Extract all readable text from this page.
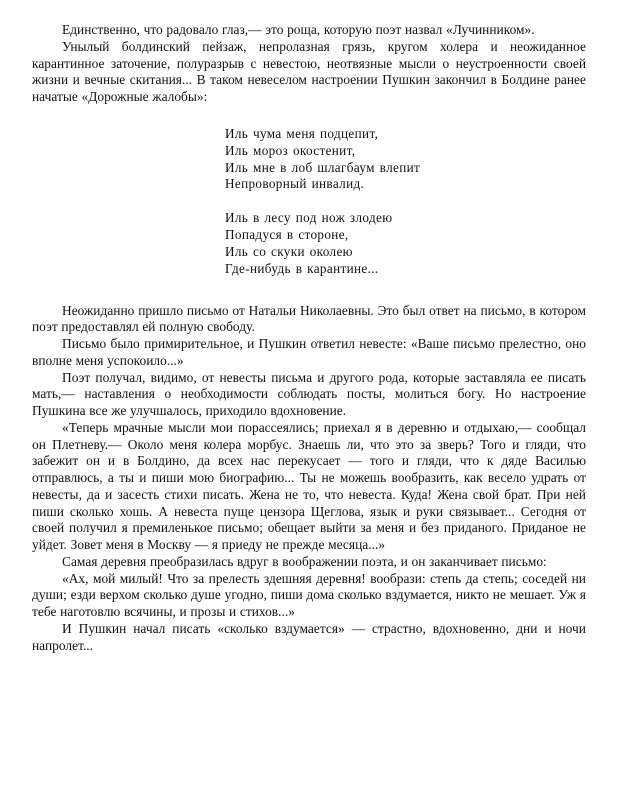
Единственно, что радовало глаз,— это роща, которую поэт назвал «Лучинником».

Унылый болдинский пейзаж, непролазная грязь, кругом холера и неожиданное карантинное заточение, полуразрыв с невестою, неотвязные мысли о неустроенности своей жизни и вечные скитания... В таком невеселом настроении Пушкин закончил в Болдине ранее начатые «Дорожные жалобы»:

Иль чума меня подцепит,
Иль мороз окостенит,
Иль мне в лоб шлагбаум влепит
Непроворный инвалид.
Иль в лесу под нож злодею
Попадуся в стороне,
Иль со скуки околею
Где-нибудь в карантине...

Неожиданно пришло письмо от Натальи Николаевны. Это был ответ на письмо, в котором поэт предоставлял ей полную свободу.

Письмо было примирительное, и Пушкин ответил невесте: «Ваше письмо прелестно, оно вполне меня успокоило...»

Поэт получал, видимо, от невесты письма и другого рода, которые заставляла ее писать мать,— наставления о необходимости соблюдать посты, молиться богу. Но настроение Пушкина все же улучшалось, приходило вдохновение.

«Теперь мрачные мысли мои порассеялись; приехал я в деревню и отдыхаю,— сообщал он Плетневу.— Около меня колера морбус. Знаешь ли, что это за зверь? Того и гляди, что забежит он и в Болдино, да всех нас перекусает — того и гляди, что к дяде Василью отправлюсь, а ты и пиши мою биографию... Ты не можешь вообразить, как весело удрать от невесты, да и засесть стихи писать. Жена не то, что невеста. Куда! Жена свой брат. При ней пиши сколько хошь. А невеста пуще цензора Щеглова, язык и руки связывает... Сегодня от своей получил я премиленькое письмо; обещает выйти за меня и без приданого. Приданое не уйдет. Зовет меня в Москву — я приеду не прежде месяца...»

Самая деревня преобразилась вдруг в воображении поэта, и он заканчивает письмо:

«Ах, мой милый! Что за прелесть здешняя деревня! вообрази: степь да степь; соседей ни души; езди верхом сколько душе угодно, пиши дома сколько вздумается, никто не мешает. Уж я тебе наготовлю всячины, и прозы и стихов...»

И Пушкин начал писать «сколько вздумается» — страстно, вдохновенно, дни и ночи напролет...
